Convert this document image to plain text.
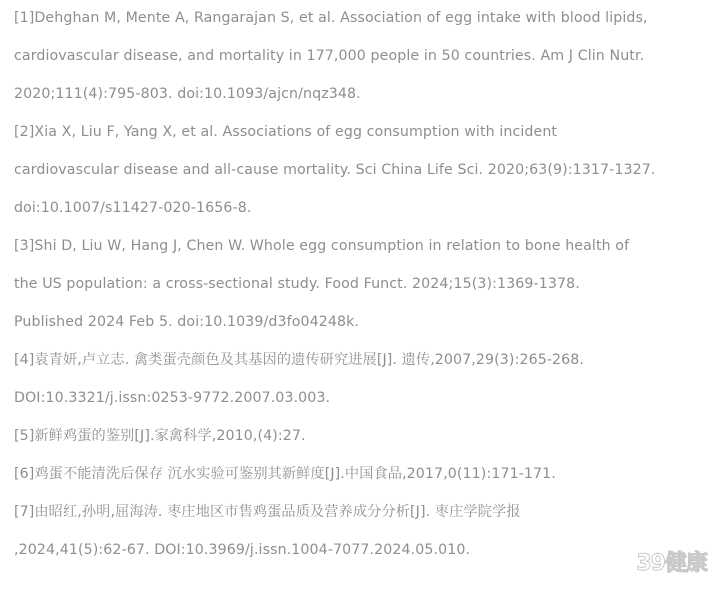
[1]Dehghan M, Mente A, Rangarajan S, et al. Association of egg intake with blood lipids,
cardiovascular disease, and mortality in 177,000 people in 50 countries. Am J Clin Nutr.
2020;111(4):795-803. doi:10.1093/ajcn/nqz348.
[2]Xia X, Liu F, Yang X, et al. Associations of egg consumption with incident
cardiovascular disease and all-cause mortality. Sci China Life Sci. 2020;63(9):1317-1327.
doi:10.1007/s11427-020-1656-8.
[3]Shi D, Liu W, Hang J, Chen W. Whole egg consumption in relation to bone health of
the US population: a cross-sectional study. Food Funct. 2024;15(3):1369-1378.
Published 2024 Feb 5. doi:10.1039/d3fo04248k.
[4]袁青妍,卢立志. 禽类蛋壳颜色及其基因的遗传研究进展[J]. 遗传,2007,29(3):265-268.
DOI:10.3321/j.issn:0253-9772.2007.03.003.
[5]新鲜鸡蛋的鉴别[J].家禽科学,2010,(4):27.
[6]鸡蛋不能清洗后保存 沉水实验可鉴别其新鲜度[J].中国食品,2017,0(11):171-171.
[7]由昭红,孙明,屈海涛. 枣庄地区市售鸡蛋品质及营养成分分析[J]. 枣庄学院学报
,2024,41(5):62-67. DOI:10.3969/j.issn.1004-7077.2024.05.010.
39健康
